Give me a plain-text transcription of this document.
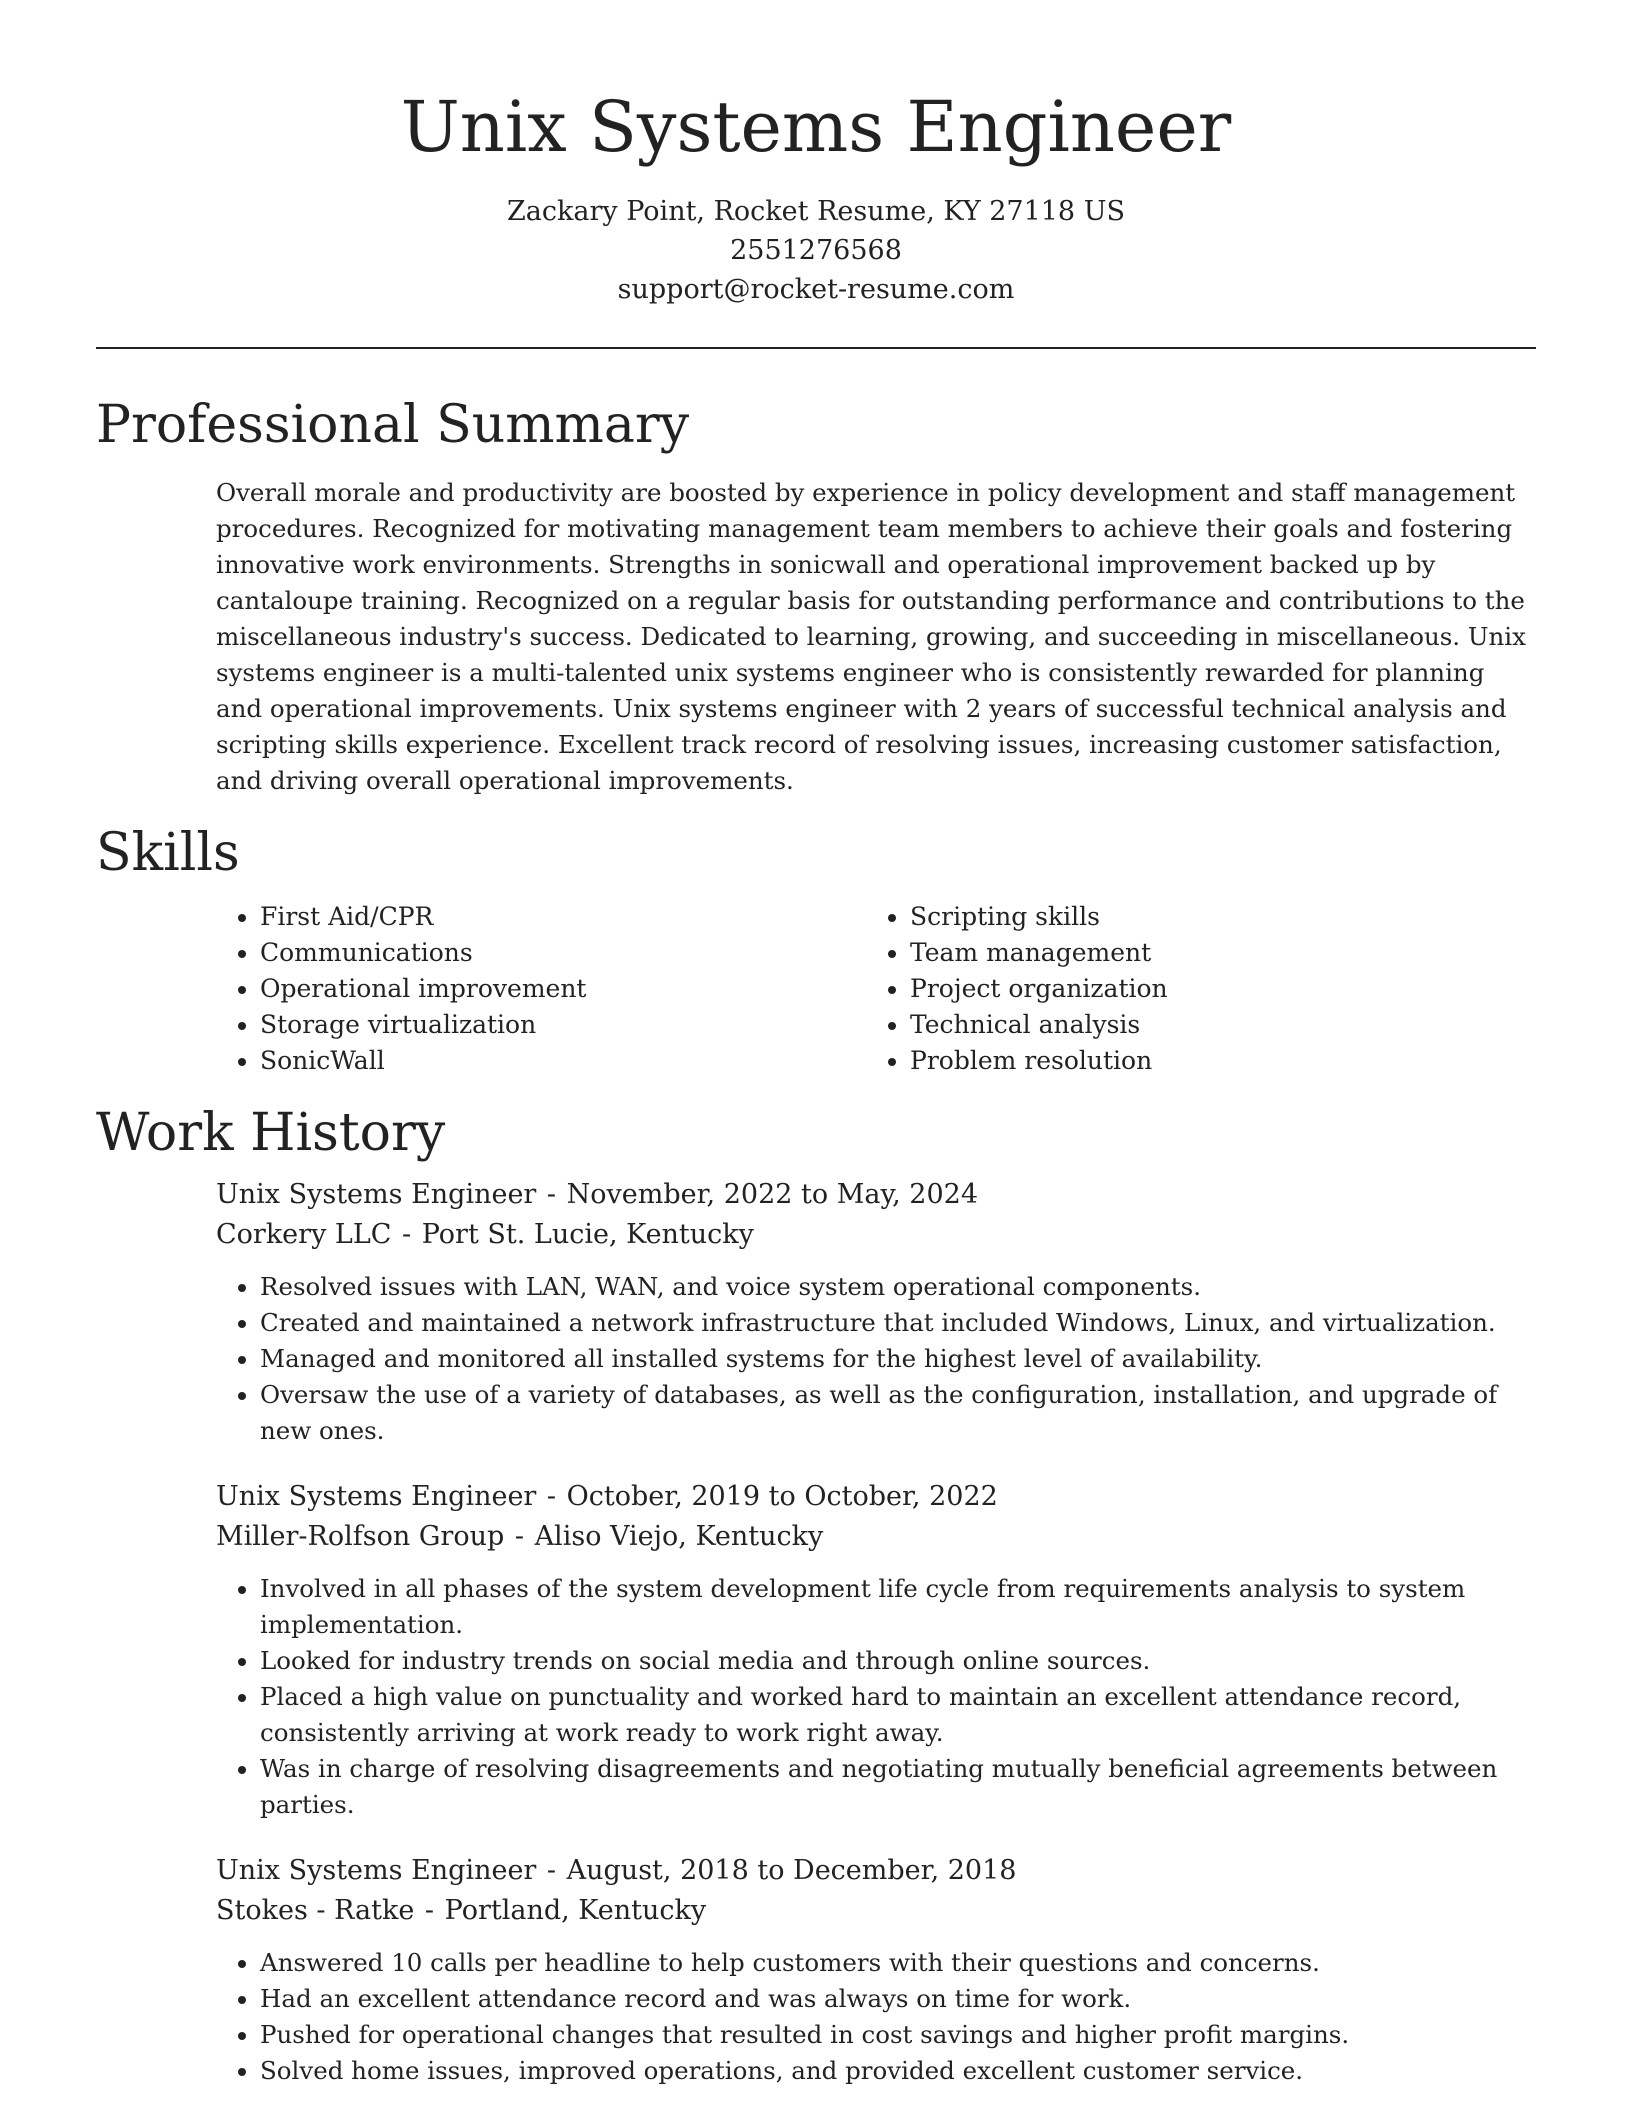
Unix Systems Engineer
Zackary Point, Rocket Resume, KY 27118 US
2551276568
support@rocket-resume.com
Professional Summary

Overall morale and productivity are boosted by experience in policy development and staff management procedures. Recognized for motivating management team members to achieve their goals and fostering innovative work environments. Strengths in sonicwall and operational improvement backed up by cantaloupe training. Recognized on a regular basis for outstanding performance and contributions to the miscellaneous industry's success. Dedicated to learning, growing, and succeeding in miscellaneous. Unix systems engineer is a multi-talented unix systems engineer who is consistently rewarded for planning and operational improvements. Unix systems engineer with 2 years of successful technical analysis and scripting skills experience. Excellent track record of resolving issues, increasing customer satisfaction, and driving overall operational improvements.

Skills
• First Aid/CPR
• Communications
• Operational improvement
• Storage virtualization
• SonicWall
• Scripting skills
• Team management
• Project organization
• Technical analysis
• Problem resolution
Work History
Unix Systems Engineer - November, 2022 to May, 2024
Corkery LLC - Port St. Lucie, Kentucky
• Resolved issues with LAN, WAN, and voice system operational components.
• Created and maintained a network infrastructure that included Windows, Linux, and virtualization.
• Managed and monitored all installed systems for the highest level of availability.
• Oversaw the use of a variety of databases, as well as the configuration, installation, and upgrade of new ones.
Unix Systems Engineer - October, 2019 to October, 2022
Miller-Rolfson Group - Aliso Viejo, Kentucky
• Involved in all phases of the system development life cycle from requirements analysis to system implementation.
• Looked for industry trends on social media and through online sources.
• Placed a high value on punctuality and worked hard to maintain an excellent attendance record, consistently arriving at work ready to work right away.
• Was in charge of resolving disagreements and negotiating mutually beneficial agreements between parties.
Unix Systems Engineer - August, 2018 to December, 2018
Stokes - Ratke - Portland, Kentucky
• Answered 10 calls per headline to help customers with their questions and concerns.
• Had an excellent attendance record and was always on time for work.
• Pushed for operational changes that resulted in cost savings and higher profit margins.
• Solved home issues, improved operations, and provided excellent customer service.
